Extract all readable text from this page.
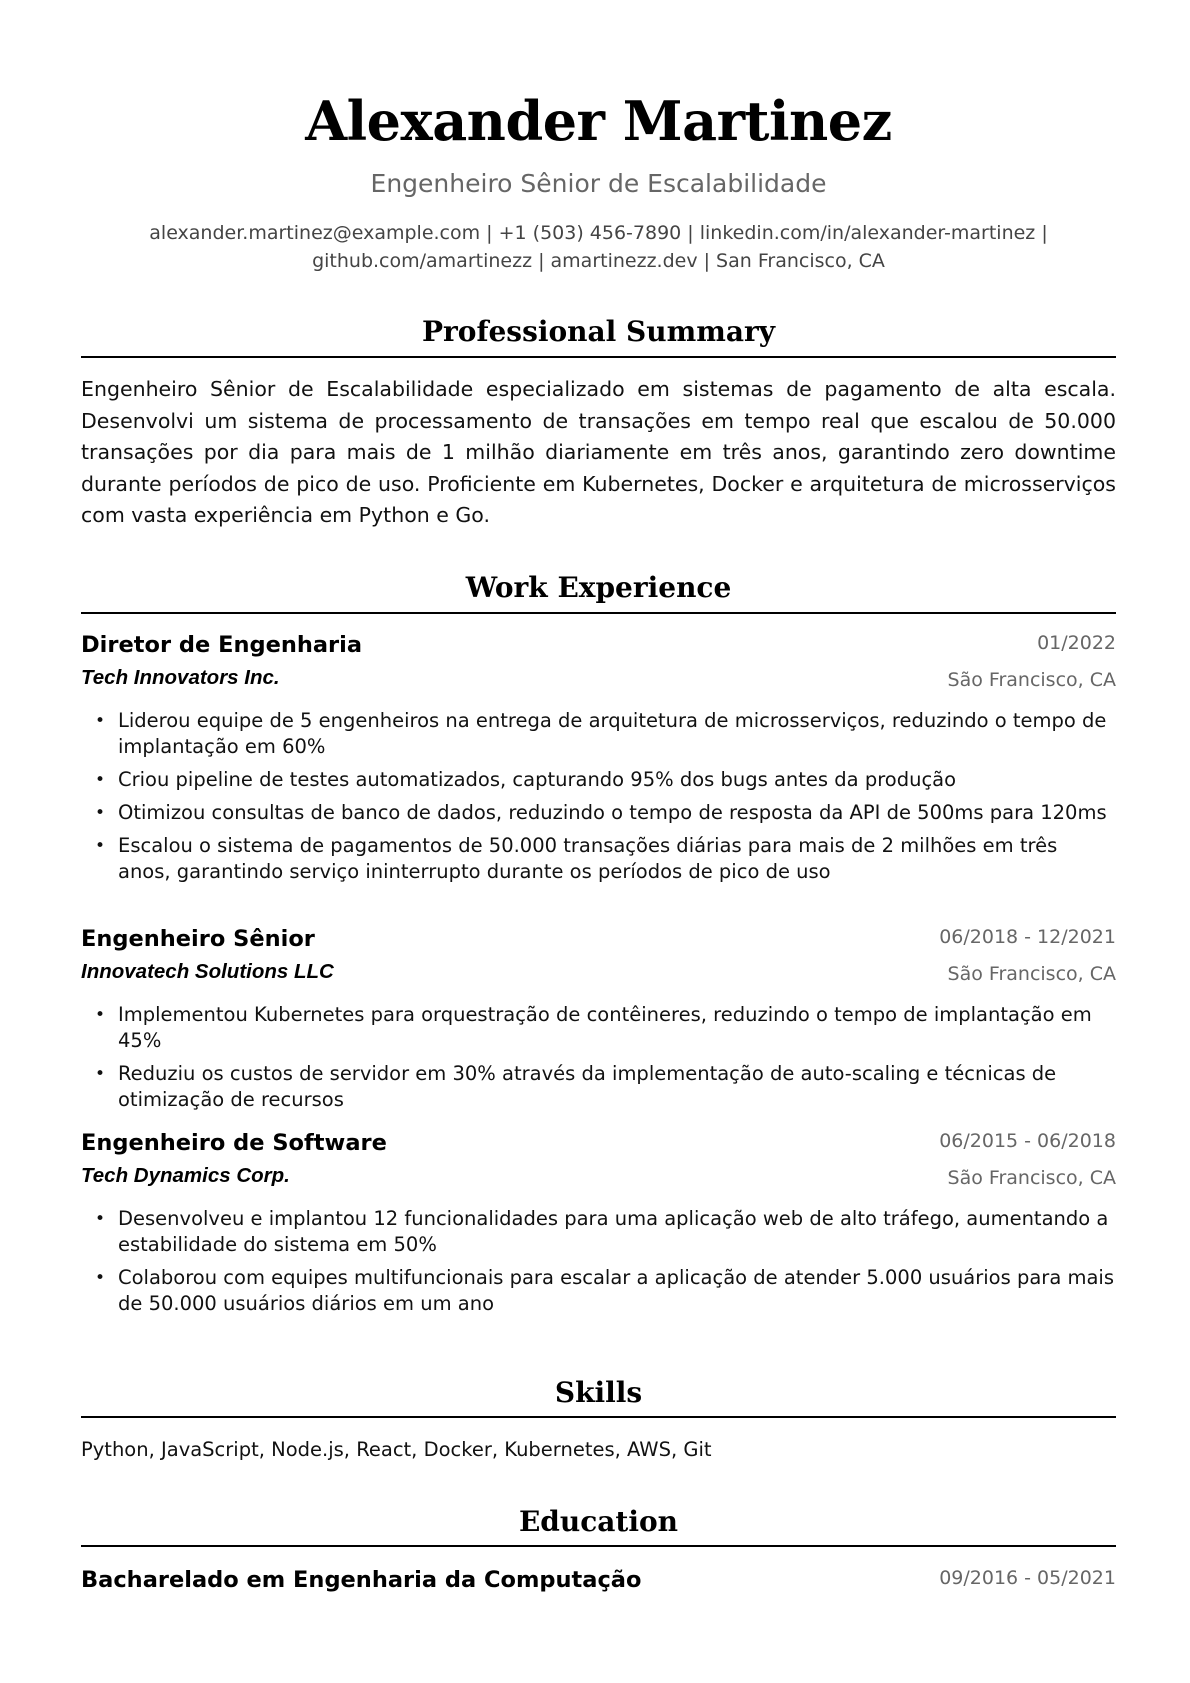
Alexander Martinez
Engenheiro Sênior de Escalabilidade
alexander.martinez@example.com | +1 (503) 456-7890 | linkedin.com/in/alexander-martinez |
github.com/amartinezz | amartinezz.dev | San Francisco, CA
Professional Summary
Engenheiro Sênior de Escalabilidade especializado em sistemas de pagamento de alta escala. Desenvolvi um sistema de processamento de transações em tempo real que escalou de 50.000 transações por dia para mais de 1 milhão diariamente em três anos, garantindo zero downtime durante períodos de pico de uso. Proficiente em Kubernetes, Docker e arquitetura de microsserviços com vasta experiência em Python e Go.
Work Experience
Diretor de Engenharia	01/2022
Tech Innovators Inc.	São Francisco, CA
• Liderou equipe de 5 engenheiros na entrega de arquitetura de microsserviços, reduzindo o tempo de implantação em 60%
• Criou pipeline de testes automatizados, capturando 95% dos bugs antes da produção
• Otimizou consultas de banco de dados, reduzindo o tempo de resposta da API de 500ms para 120ms
• Escalou o sistema de pagamentos de 50.000 transações diárias para mais de 2 milhões em três anos, garantindo serviço ininterrupto durante os períodos de pico de uso
Engenheiro Sênior	06/2018 - 12/2021
Innovatech Solutions LLC	São Francisco, CA
• Implementou Kubernetes para orquestração de contêineres, reduzindo o tempo de implantação em 45%
• Reduziu os custos de servidor em 30% através da implementação de auto-scaling e técnicas de otimização de recursos
Engenheiro de Software	06/2015 - 06/2018
Tech Dynamics Corp.	São Francisco, CA
• Desenvolveu e implantou 12 funcionalidades para uma aplicação web de alto tráfego, aumentando a estabilidade do sistema em 50%
• Colaborou com equipes multifuncionais para escalar a aplicação de atender 5.000 usuários para mais de 50.000 usuários diários em um ano
Skills
Python, JavaScript, Node.js, React, Docker, Kubernetes, AWS, Git
Education
Bacharelado em Engenharia da Computação	09/2016 - 05/2021
